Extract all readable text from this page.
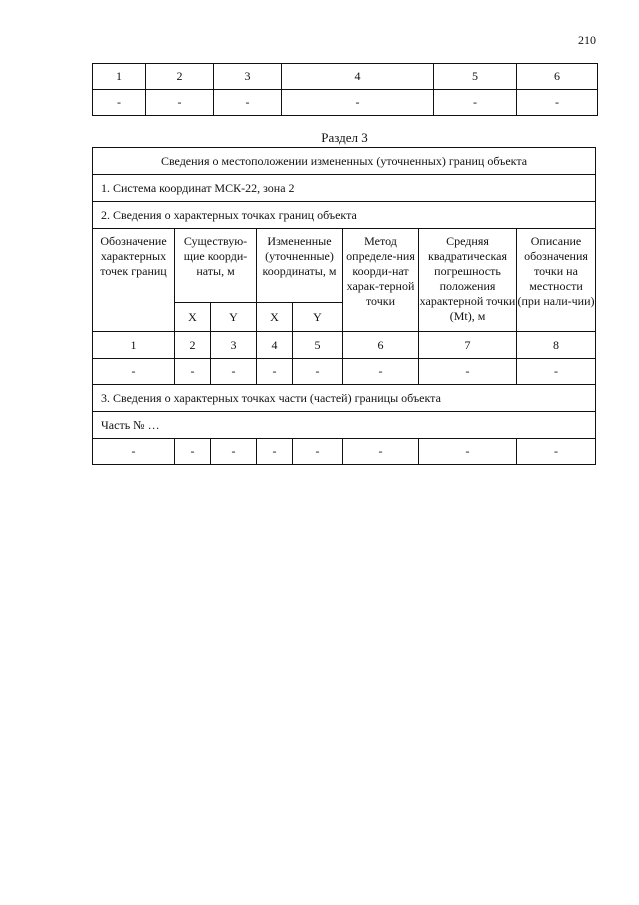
210
1	2	3	4	5	6
-	-	-	-	-	-
Раздел 3
Сведения о местоположении измененных (уточненных) границ объекта							
1. Система координат МСК-22, зона 2							
2. Сведения о характерных точках границ объекта							
Обозначение характерных точек границ	Существую-щие коорди-наты, м		Измененные (уточненные) координаты, м		Метод определе-ния коорди-нат харак-терной точки	Средняя квадратическая погрешность положения характерной точки (Mt), м	Описание обозначения точки на местности (при нали-чии)
	X	Y	X	Y			
1	2	3	4	5	6	7	8
-	-	-	-	-	-	-	-
3. Сведения о характерных точках части (частей) границы объекта							
Часть № …							
-	-	-	-	-	-	-	-
